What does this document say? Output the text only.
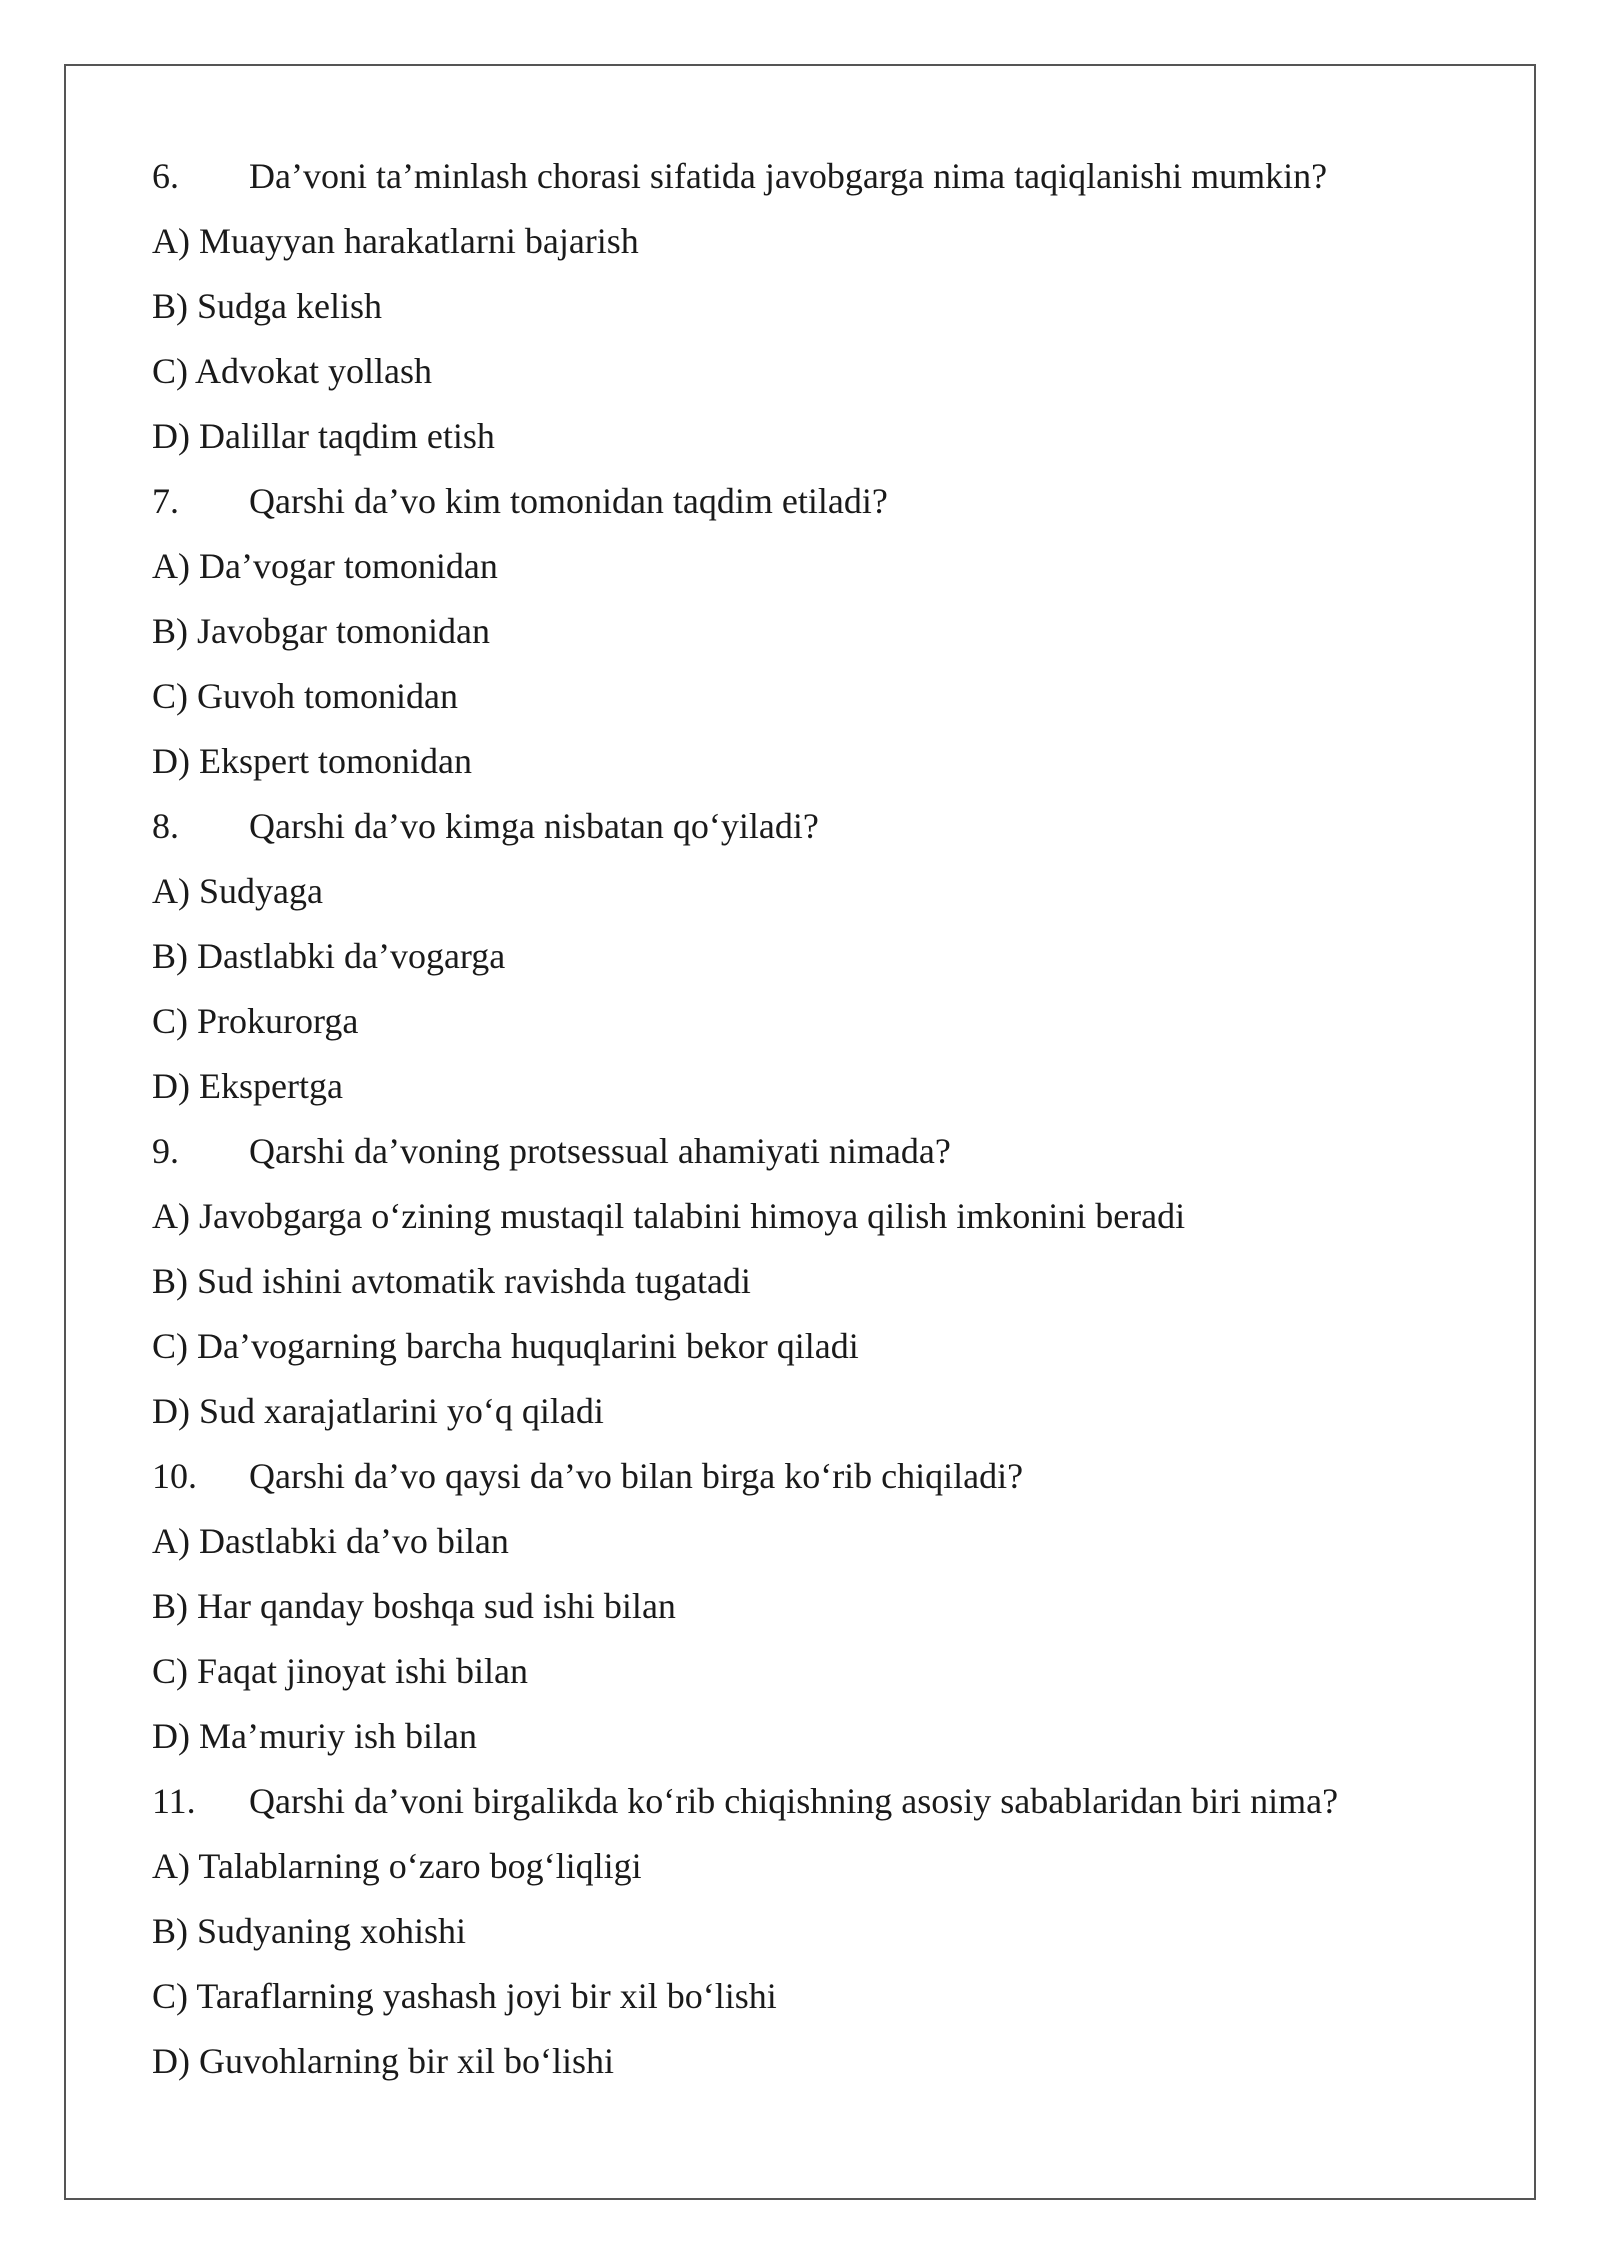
6. Da’voni ta’minlash chorasi sifatida javobgarga nima taqiqlanishi mumkin?
A) Muayyan harakatlarni bajarish
B) Sudga kelish
C) Advokat yollash
D) Dalillar taqdim etish
7. Qarshi da’vo kim tomonidan taqdim etiladi?
A) Da’vogar tomonidan
B) Javobgar tomonidan
C) Guvoh tomonidan
D) Ekspert tomonidan
8. Qarshi da’vo kimga nisbatan qo‘yiladi?
A) Sudyaga
B) Dastlabki da’vogarga
C) Prokurorga
D) Ekspertga
9. Qarshi da’voning protsessual ahamiyati nimada?
A) Javobgarga o‘zining mustaqil talabini himoya qilish imkonini beradi
B) Sud ishini avtomatik ravishda tugatadi
C) Da’vogarning barcha huquqlarini bekor qiladi
D) Sud xarajatlarini yo‘q qiladi
10. Qarshi da’vo qaysi da’vo bilan birga ko‘rib chiqiladi?
A) Dastlabki da’vo bilan
B) Har qanday boshqa sud ishi bilan
C) Faqat jinoyat ishi bilan
D) Ma’muriy ish bilan
11. Qarshi da’voni birgalikda ko‘rib chiqishning asosiy sabablaridan biri nima?
A) Talablarning o‘zaro bog‘liqligi
B) Sudyaning xohishi
C) Taraflarning yashash joyi bir xil bo‘lishi
D) Guvohlarning bir xil bo‘lishi
